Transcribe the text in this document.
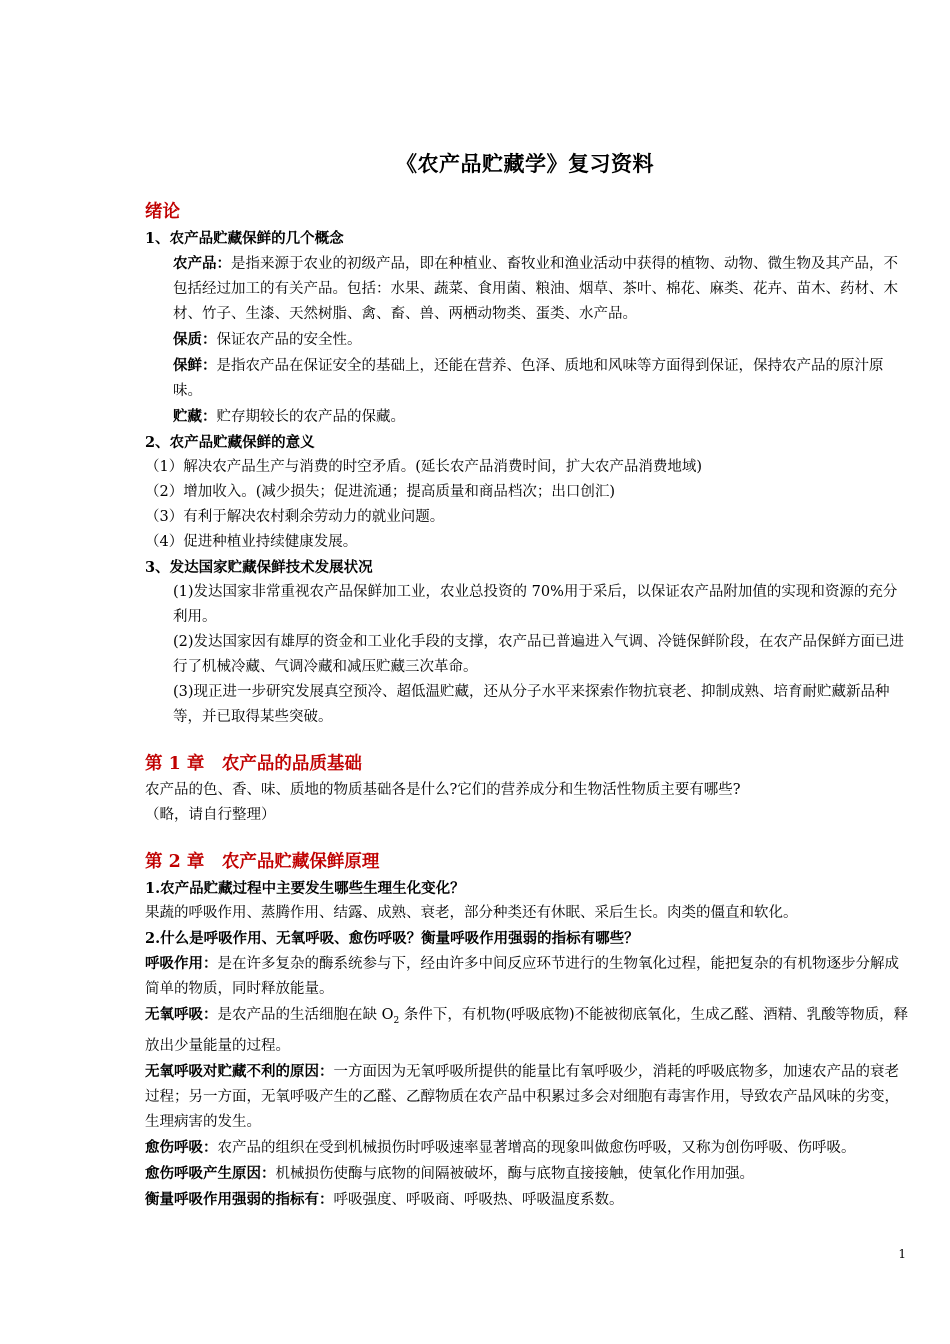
《农产品贮藏学》复习资料

绪论

1、农产品贮藏保鲜的几个概念

农产品：是指来源于农业的初级产品，即在种植业、畜牧业和渔业活动中获得的植物、动物、微生物及其产品，不包括经过加工的有关产品。包括：水果、蔬菜、食用菌、粮油、烟草、茶叶、棉花、麻类、花卉、苗木、药材、木材、竹子、生漆、天然树脂、禽、畜、兽、两栖动物类、蛋类、水产品。

保质：保证农产品的安全性。

保鲜：是指农产品在保证安全的基础上，还能在营养、色泽、质地和风味等方面得到保证，保持农产品的原汁原味。

贮藏：贮存期较长的农产品的保藏。

2、农产品贮藏保鲜的意义

（1）解决农产品生产与消费的时空矛盾。(延长农产品消费时间，扩大农产品消费地域)

（2）增加收入。(减少损失；促进流通；提高质量和商品档次；出口创汇)

（3）有利于解决农村剩余劳动力的就业问题。

（4）促进种植业持续健康发展。

3、发达国家贮藏保鲜技术发展状况

(1)发达国家非常重视农产品保鲜加工业，农业总投资的 70%用于采后，以保证农产品附加值的实现和资源的充分利用。

(2)发达国家因有雄厚的资金和工业化手段的支撑，农产品已普遍进入气调、冷链保鲜阶段，在农产品保鲜方面已进行了机械冷藏、气调冷藏和减压贮藏三次革命。

(3)现正进一步研究发展真空预冷、超低温贮藏，还从分子水平来探索作物抗衰老、抑制成熟、培育耐贮藏新品种等，并已取得某些突破。

第 1 章　农产品的品质基础

农产品的色、香、味、质地的物质基础各是什么?它们的营养成分和生物活性物质主要有哪些?

（略，请自行整理）

第 2 章　农产品贮藏保鲜原理

1.农产品贮藏过程中主要发生哪些生理生化变化？

果蔬的呼吸作用、蒸腾作用、结露、成熟、衰老，部分种类还有休眠、采后生长。肉类的僵直和软化。

2.什么是呼吸作用、无氧呼吸、愈伤呼吸？衡量呼吸作用强弱的指标有哪些？

呼吸作用：是在许多复杂的酶系统参与下，经由许多中间反应环节进行的生物氧化过程，能把复杂的有机物逐步分解成简单的物质，同时释放能量。

无氧呼吸：是农产品的生活细胞在缺 $O_2$ 条件下，有机物(呼吸底物)不能被彻底氧化，生成乙醛、酒精、乳酸等物质，释放出少量能量的过程。

无氧呼吸对贮藏不利的原因：一方面因为无氧呼吸所提供的能量比有氧呼吸少，消耗的呼吸底物多，加速农产品的衰老过程；另一方面，无氧呼吸产生的乙醛、乙醇物质在农产品中积累过多会对细胞有毒害作用，导致农产品风味的劣变，生理病害的发生。

愈伤呼吸：农产品的组织在受到机械损伤时呼吸速率显著增高的现象叫做愈伤呼吸，又称为创伤呼吸、伤呼吸。

愈伤呼吸产生原因：机械损伤使酶与底物的间隔被破坏，酶与底物直接接触，使氧化作用加强。

衡量呼吸作用强弱的指标有：呼吸强度、呼吸商、呼吸热、呼吸温度系数。

1
